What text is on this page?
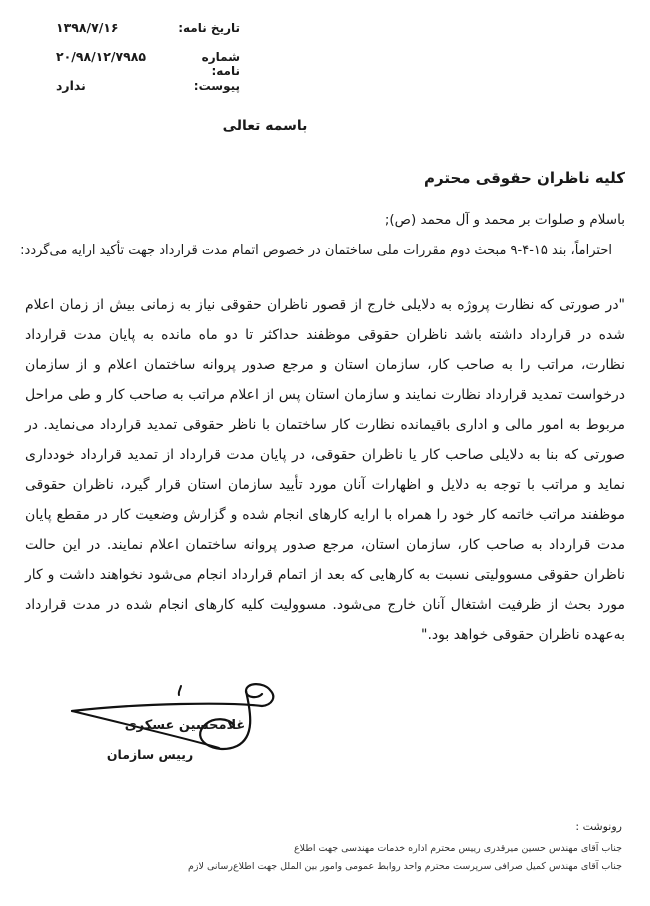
تاریخ نامه:
۱۳۹۸/۷/۱۶
شماره نامه:
۲۰/۹۸/۱۲/۷۹۸۵
پیوست:
ندارد
باسمه تعالی
کلیه ناظران حقوقی محترم
باسلام و صلوات بر محمد و آل محمد (ص);
احتراماً، بند ۱۵-۴-۹ مبحث دوم مقررات ملی ساختمان در خصوص اتمام مدت قرارداد جهت تأکید ارایه می‌گردد:
"در صورتی که نظارت پروژه به دلایلی خارج از قصور ناظران حقوقی نیاز به زمانی بیش از زمان اعلام شده در قرارداد داشته باشد ناظران حقوقی موظفند حداکثر تا دو ماه مانده به پایان مدت قرارداد نظارت، مراتب را به صاحب کار، سازمان استان و مرجع صدور پروانه ساختمان اعلام و از سازمان درخواست تمدید قرارداد نظارت نمایند و سازمان استان پس از اعلام مراتب به صاحب کار و طی مراحل مربوط به امور مالی و اداری باقیمانده نظارت کار ساختمان با ناظر حقوقی تمدید قرارداد می‌نماید. در صورتی که بنا به دلایلی صاحب کار یا ناظران حقوقی، در پایان مدت قرارداد از تمدید قرارداد خودداری نماید و مراتب با توجه به دلایل و اظهارات آنان مورد تأیید سازمان استان قرار گیرد، ناظران حقوقی موظفند مراتب خاتمه کار خود را همراه با ارایه کارهای انجام شده و گزارش وضعیت کار در مقطع پایان مدت قرارداد به صاحب کار، سازمان استان، مرجع صدور پروانه ساختمان اعلام نمایند. در این حالت ناظران حقوقی مسوولیتی نسبت به کارهایی که بعد از اتمام قرارداد انجام می‌شود نخواهند داشت و کار مورد بحث از ظرفیت اشتغال آنان خارج می‌شود. مسوولیت کلیه کارهای انجام شده در مدت قرارداد به‌عهده ناظران حقوقی خواهد بود."
غلامحسین عسکری
رییس سازمان
رونوشت :
جناب آقای مهندس حسین میرقدری رییس محترم اداره خدمات مهندسی جهت اطلاع
جناب آقای مهندس کمیل صرافی سرپرست محترم واحد روابط عمومی وامور بین الملل جهت اطلاع‌رسانی لازم
